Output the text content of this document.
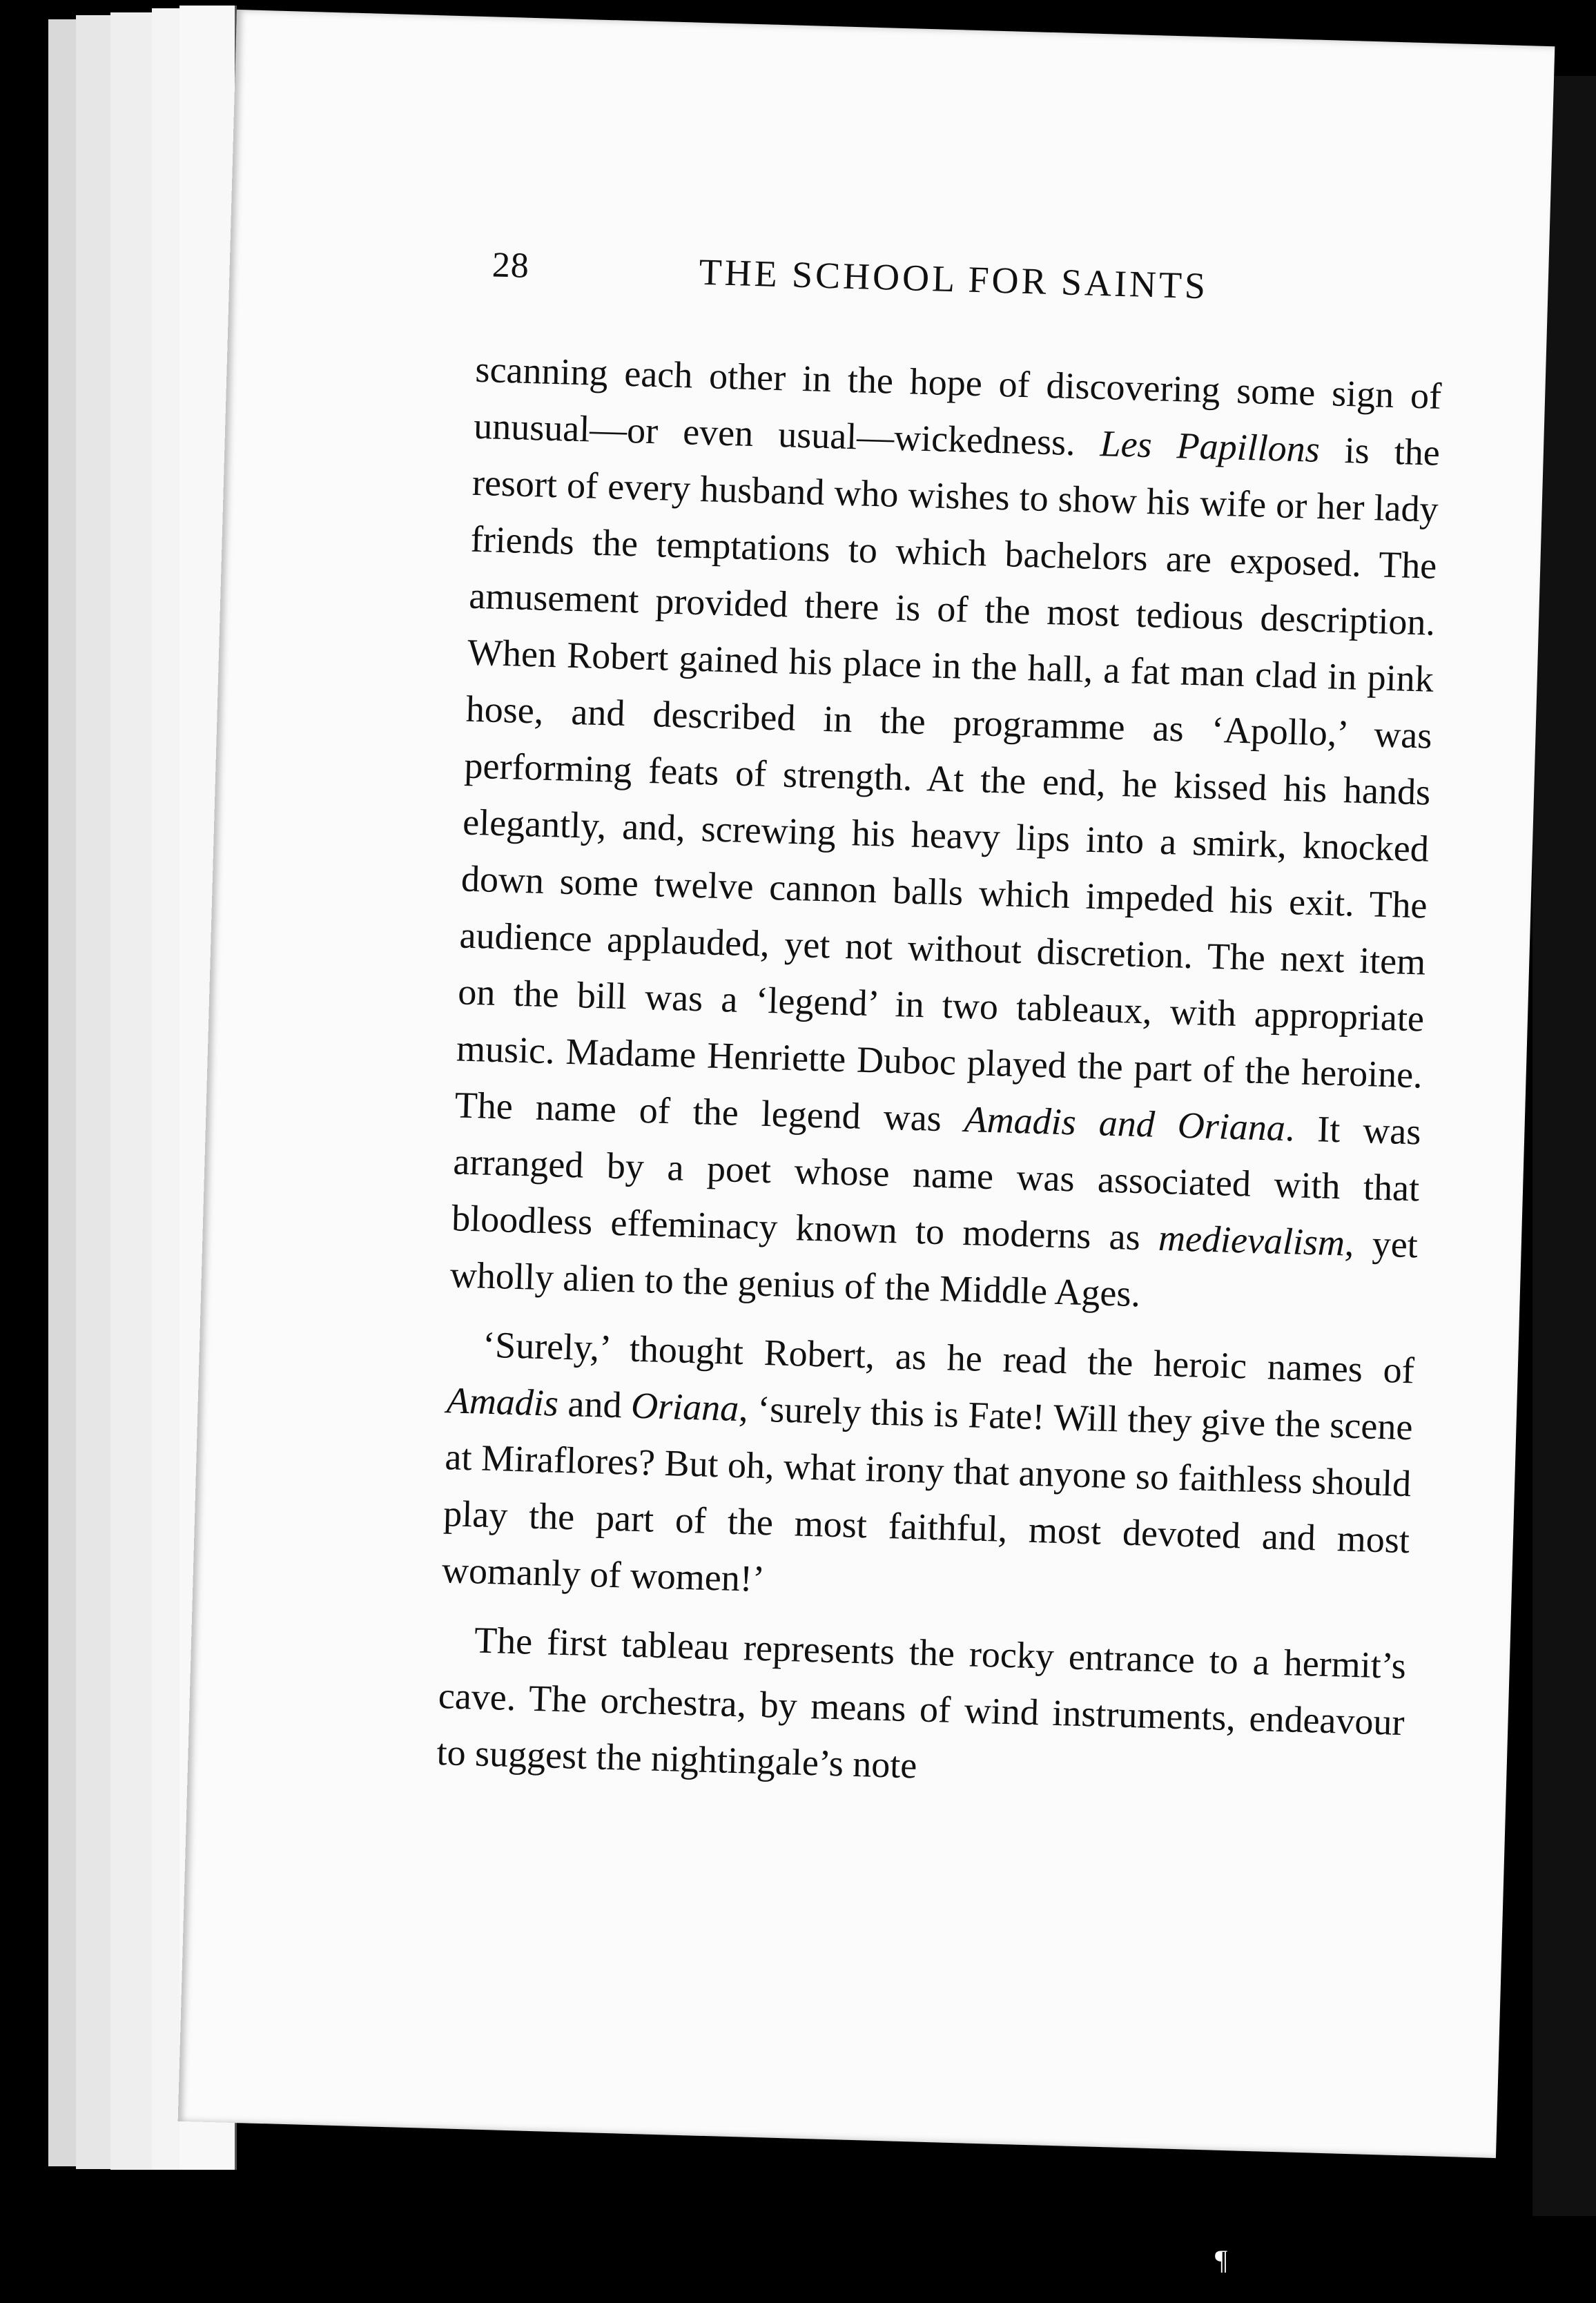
28	THE SCHOOL FOR SAINTS

scanning each other in the hope of discovering some sign of unusual—or even usual—wickedness. Les Papillons is the resort of every husband who wishes to show his wife or her lady friends the temptations to which bachelors are exposed. The amusement provided there is of the most tedious description. When Robert gained his place in the hall, a fat man clad in pink hose, and described in the programme as ‘Apollo,’ was performing feats of strength. At the end, he kissed his hands elegantly, and, screwing his heavy lips into a smirk, knocked down some twelve cannon balls which impeded his exit. The audience applauded, yet not without discretion. The next item on the bill was a ‘legend’ in two tableaux, with appropriate music. Madame Henriette Duboc played the part of the heroine. The name of the legend was Amadis and Oriana. It was arranged by a poet whose name was associated with that bloodless effeminacy known to moderns as medievalism, yet wholly alien to the genius of the Middle Ages.

‘Surely,’ thought Robert, as he read the heroic names of Amadis and Oriana, ‘surely this is Fate! Will they give the scene at Miraflores? But oh, what irony that anyone so faithless should play the part of the most faithful, most devoted and most womanly of women!’

The first tableau represents the rocky entrance to a hermit’s cave. The orchestra, by means of wind instruments, endeavour to suggest the nightingale’s note

¶
